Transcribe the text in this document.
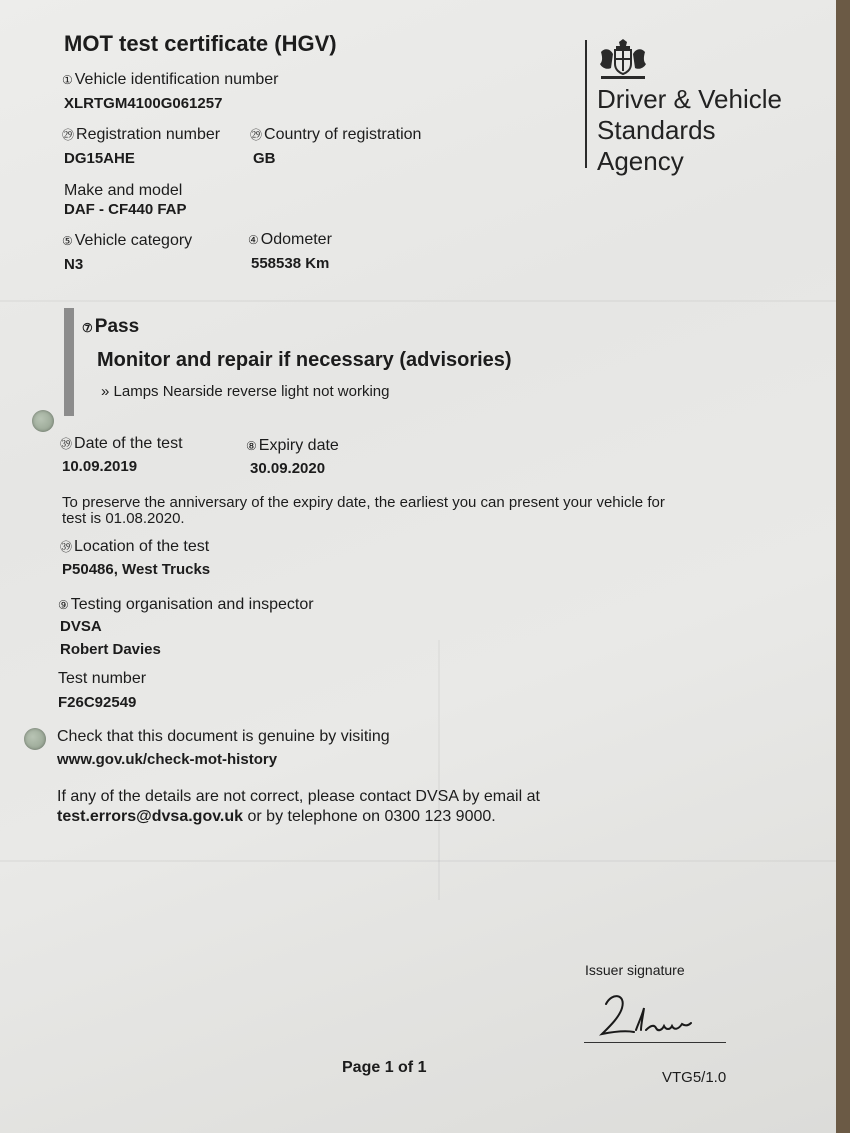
MOT test certificate (HGV)
Driver & Vehicle
Standards
Agency
① Vehicle identification number
XLRTGM4100G061257
㉙ Registration number
DG15AHE
㉙ Country of registration
GB
Make and model
DAF - CF440 FAP
⑤ Vehicle category
N3
④ Odometer
558538 Km
⑦ Pass
Monitor and repair if necessary (advisories)
» Lamps Nearside reverse light not working
㊴ Date of the test
10.09.2019
⑧ Expiry date
30.09.2020
To preserve the anniversary of the expiry date, the earliest you can present your vehicle for
test is 01.08.2020.
㊴ Location of the test
P50486, West Trucks
⑨ Testing organisation and inspector
DVSA
Robert Davies
Test number
F26C92549
Check that this document is genuine by visiting
www.gov.uk/check-mot-history
If any of the details are not correct, please contact DVSA by email at
test.errors@dvsa.gov.uk or by telephone on 0300 123 9000.
Issuer signature
Page 1 of 1
VTG5/1.0
